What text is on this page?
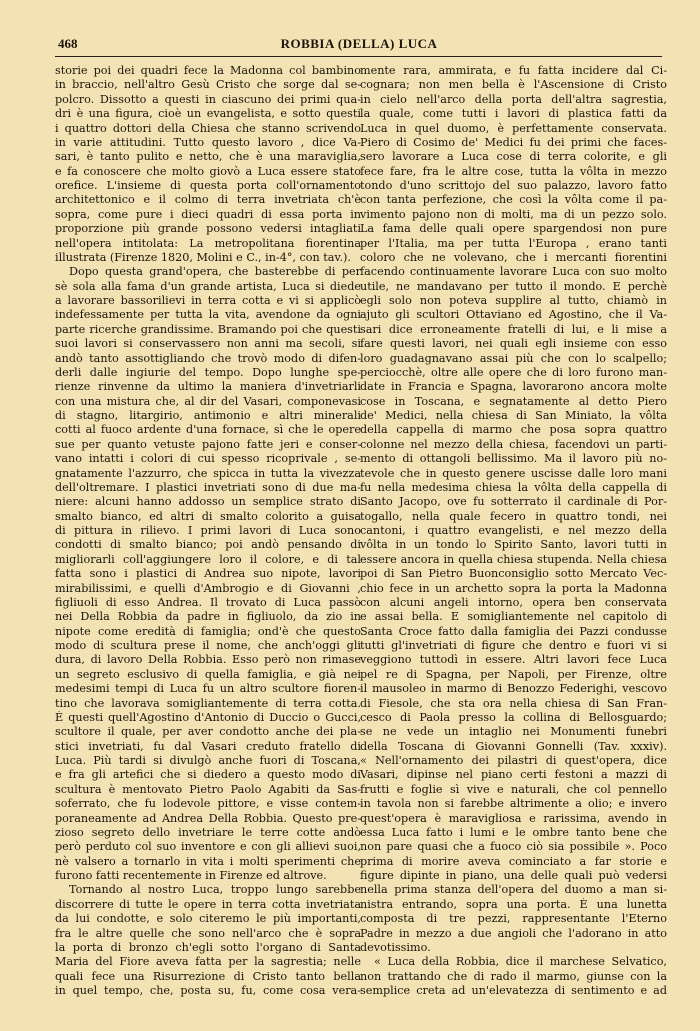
468	ROBBIA (DELLA) LUCA
storie poi dei quadri fece la Madonna col bambino
in braccio, nell'altro Gesù Cristo che sorge dal se-
polcro. Dissotto a questi in ciascuno dei primi qua-
dri è una figura, cioè un evangelista, e sotto questi
i quattro dottori della Chiesa che stanno scrivendo
in varie attitudini. Tutto questo lavoro , dice Va-
sari, è tanto pulito e netto, che è una maraviglia,
e fa conoscere che molto giovò a Luca essere stato
orefice. L'insieme di questa porta coll'ornamento
architettonico e il colmo di terra invetriata ch'è
sopra, come pure i dieci quadri di essa porta in
proporzione più grande possono vedersi intagliati
nell'opera intitolata: La metropolitana fiorentina
illustrata (Firenze 1820, Molini e C., in-4°, con tav.).
Dopo questa grand'opera, che basterebbe di per
sè sola alla fama d'un grande artista, Luca si diede
a lavorare bassorilievi in terra cotta e vi si applicò
indefessamente per tutta la vita, avendone da ogni
parte ricerche grandissime. Bramando poi che questi
suoi lavori si conservassero non anni ma secoli, si
andò tanto assottigliando che trovò modo di difen-
derli dalle ingiurie del tempo. Dopo lunghe spe-
rienze rinvenne da ultimo la maniera d'invetriarli
con una mistura che, al dir del Vasari, componevasi
di stagno, litargirio, antimonio e altri minerali
cotti al fuoco ardente d'una fornace, sì che le opere
sue per quanto vetuste pajono fatte jeri e conser-
vano intatti i colori di cui spesso ricoprivale , se-
gnatamente l'azzurro, che spicca in tutta la vivezza
dell'oltremare. I plastici invetriati sono di due ma-
niere: alcuni hanno addosso un semplice strato di
smalto bianco, ed altri di smalto colorito a guisa
di pittura in rilievo. I primi lavori di Luca sono
condotti di smalto bianco; poi andò pensando di
migliorarli coll'aggiungere loro il colore, e di tal
fatta sono i plastici di Andrea suo nipote, lavori
mirabilissimi, e quelli d'Ambrogio e di Giovanni ,
figliuoli di esso Andrea. Il trovato di Luca passò
nei Della Robbia da padre in figliuolo, da zio in
nipote come eredità di famiglia; ond'è che questo
modo di scultura prese il nome, che anch'oggi gli
dura, di lavoro Della Robbia. Esso però non rimase
un segreto esclusivo di quella famiglia, e già nei
medesimi tempi di Luca fu un altro scultore fioren-
tino che lavorava somigliantemente di terra cotta.
È questi quell'Agostino d'Antonio di Duccio o Gucci,
scultore il quale, per aver condotto anche dei pla-
stici invetriati, fu dal Vasari creduto fratello di
Luca. Più tardi si divulgò anche fuori di Toscana,
e fra gli artefici che si diedero a questo modo di
scultura è mentovato Pietro Paolo Agabiti da Sas-
soferrato, che fu lodevole pittore, e visse contem-
poraneamente ad Andrea Della Robbia. Questo pre-
zioso segreto dello invetriare le terre cotte andò
però perduto col suo inventore e con gli allievi suoi,
nè valsero a tornarlo in vita i molti sperimenti che
furono fatti recentemente in Firenze ed altrove.
Tornando al nostro Luca, troppo lungo sarebbe
discorrere di tutte le opere in terra cotta invetriata
da lui condotte, e solo citeremo le più importanti,
fra le altre quelle che sono nell'arco che è sopra
la porta di bronzo ch'egli sotto l'organo di Santa
Maria del Fiore aveva fatta per la sagrestia; nelle
quali fece una Risurrezione di Cristo tanto bella
in quel tempo, che, posta su, fu, come cosa vera-
mente rara, ammirata, e fu fatta incidere dal Ci-
cognara; non men bella è l'Ascensione di Cristo
in cielo nell'arco della porta dell'altra sagrestia,
la quale, come tutti i lavori di plastica fatti da
Luca in quel duomo, è perfettamente conservata.
Piero di Cosimo de' Medici fu dei primi che faces-
sero lavorare a Luca cose di terra colorite, e gli
fece fare, fra le altre cose, tutta la vôlta in mezzo
tondo d'uno scrittojo del suo palazzo, lavoro fatto
con tanta perfezione, che così la vôlta come il pa-
vimento pajono non di molti, ma di un pezzo solo.
La fama delle quali opere spargendosi non pure
per l'Italia, ma per tutta l'Europa , erano tanti
coloro che ne volevano, che i mercanti fiorentini
facendo continuamente lavorare Luca con suo molto
utile, ne mandavano per tutto il mondo. E perchè
egli solo non poteva supplire al tutto, chiamò in
ajuto gli scultori Ottaviano ed Agostino, che il Va-
sari dice erroneamente fratelli di lui, e li mise a
fare questi lavori, nei quali egli insieme con esso
loro guadagnavano assai più che con lo scalpello;
perciocchè, oltre alle opere che di loro furono man-
date in Francia e Spagna, lavorarono ancora molte
cose in Toscana, e segnatamente al detto Piero
de' Medici, nella chiesa di San Miniato, la vôlta
della cappella di marmo che posa sopra quattro
colonne nel mezzo della chiesa, facendovi un parti-
mento di ottangoli bellissimo. Ma il lavoro più no-
tevole che in questo genere uscisse dalle loro mani
fu nella medesima chiesa la vôlta della cappella di
Santo Jacopo, ove fu sotterrato il cardinale di Por-
togallo, nella quale fecero in quattro tondi, nei
cantoni, i quattro evangelisti, e nel mezzo della
vôlta in un tondo lo Spirito Santo, lavori tutti in
essere ancora in quella chiesa stupenda. Nella chiesa
poi di San Pietro Buonconsiglio sotto Mercato Vec-
chio fece in un archetto sopra la porta la Madonna
con alcuni angeli intorno, opera ben conservata
e assai bella. E somigliantemente nel capitolo di
Santa Croce fatto dalla famiglia dei Pazzi condusse
tutti gl'invetriati di figure che dentro e fuori vi si
veggiono tuttodì in essere. Altri lavori fece Luca
pel re di Spagna, per Napoli, per Firenze, oltre
il mausoleo in marmo di Benozzo Federighi, vescovo
di Fiesole, che sta ora nella chiesa di San Fran-
cesco di Paola presso la collina di Bellosguardo;
se ne vede un intaglio nei Monumenti funebri
della Toscana di Giovanni Gonnelli (Tav. xxxiv).
« Nell'ornamento dei pilastri di quest'opera, dice
Vasari, dipinse nel piano certi festoni a mazzi di
frutti e foglie sì vive e naturali, che col pennello
in tavola non si farebbe altrimente a olio; e invero
quest'opera è maravigliosa e rarissima, avendo in
essa Luca fatto i lumi e le ombre tanto bene che
non pare quasi che a fuoco ciò sia possibile ». Poco
prima di morire aveva cominciato a far storie e
figure dipinte in piano, una delle quali può vedersi
nella prima stanza dell'opera del duomo a man si-
nistra entrando, sopra una porta. È una lunetta
composta di tre pezzi, rappresentante l'Eterno
Padre in mezzo a due angioli che l'adorano in atto
devotissimo.
« Luca della Robbia, dice il marchese Selvatico,
non trattando che di rado il marmo, giunse con la
semplice creta ad un'elevatezza di sentimento e ad
